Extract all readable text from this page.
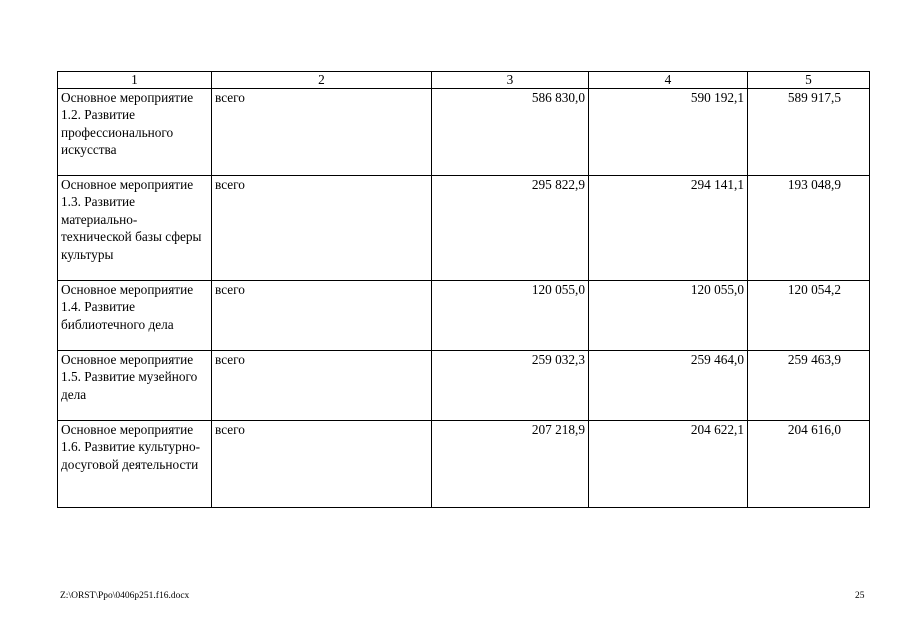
1	2	3	4	5
Основное мероприятие 1.2. Развитие профессионального искусства	всего	586 830,0	590 192,1	589 917,5
Основное мероприятие 1.3. Развитие материально-технической базы сферы культуры	всего	295 822,9	294 141,1	193 048,9
Основное мероприятие 1.4. Развитие библиотечного дела	всего	120 055,0	120 055,0	120 054,2
Основное мероприятие 1.5. Развитие музейного дела	всего	259 032,3	259 464,0	259 463,9
Основное мероприятие 1.6. Развитие культурно-досуговой деятельности	всего	207 218,9	204 622,1	204 616,0
Z:\ORST\Ppo\0406p251.f16.docx	25
